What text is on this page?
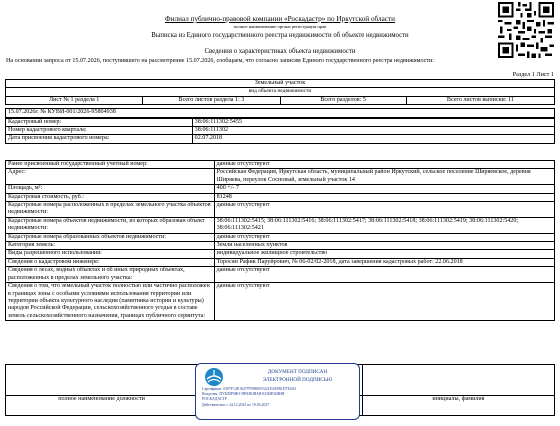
Филиал публично-правовой компании «Роскадастр» по Иркутской области
полное наименование органа регистрации прав
Выписка из Единого государственного реестра недвижимости об объекте недвижимости
Сведения о характеристиках объекта недвижимости
На основании запроса от 15.07.2026, поступившего на рассмотрение 15.07.2026, сообщаем, что согласно записям Единого государственного реестра недвижимости:
Раздел 1 Лист 1
Земельный участок
вид объекта недвижимости
Лист № 1 раздела 1	Всего листов раздела 1: 3	Всего разделов: 5	Всего листов выписки: 11

15.07.2026г. № КУВИ-001/2026-95804938
Кадастровый номер:	38:06:111302:5455
Номер кадастрового квартала:	38:06:111302
Дата присвоения кадастрового номера:	02.07.2018
Ранее присвоенный государственный учетный номер:	данные отсутствуют
Адрес:	Российская Федерация, Иркутская область, муниципальный район Иркутский, сельское поселение Ширяевское, деревня Ширяева, переулок Сосновый, земельный участок 14
Площадь, м²:	400 +/- 7
Кадастровая стоимость, руб.:	81248
Кадастровые номера расположенных в пределах земельного участка объектов недвижимости:	данные отсутствуют
Кадастровые номера объектов недвижимости, из которых образован объект недвижимости:	38:06:111302:5415; 38:06:111302:5416; 38:06:111302:5417; 38:06:111302:5418; 38:06:111302:5419; 38:06:111302:5420; 38:06:111302:5421
Кадастровые номера образованных объектов недвижимости:	данные отсутствуют
Категория земель:	Земли населенных пунктов
Виды разрешенного использования:	индивидуальное жилищное строительство
Сведения о кадастровом инженере:	Торосян Рафик Паруйрович, № 06-02/02-2018, дата завершения кадастровых работ: 22.06.2018
Сведения о лесах, водных объектах и об иных природных объектах, расположенных в пределах земельного участка:	данные отсутствуют
Сведения о том, что земельный участок полностью или частично расположен в границах зоны с особыми условиями использования территории или территории объекта культурного наследия (памятника истории и культуры) народов Российской Федерации, сельскохозяйственного угодья в составе земель сельскохозяйственного назначения, границах публичного сервитута:	данные отсутствуют

полное наименование должности		инициалы, фамилия
ДОКУМЕНТ ПОДПИСАН
ЭЛЕКТРОННОЙ ПОДПИСЬЮ
Сертификат: 0397F14E1647979980055221E4A9B1D7E4A3
Владелец: ПУБЛИЧНО-ПРАВОВАЯ КОМПАНИЯ
РОСКАДАСТР
Действителен: с 24.12.2025 по 19.03.2027
